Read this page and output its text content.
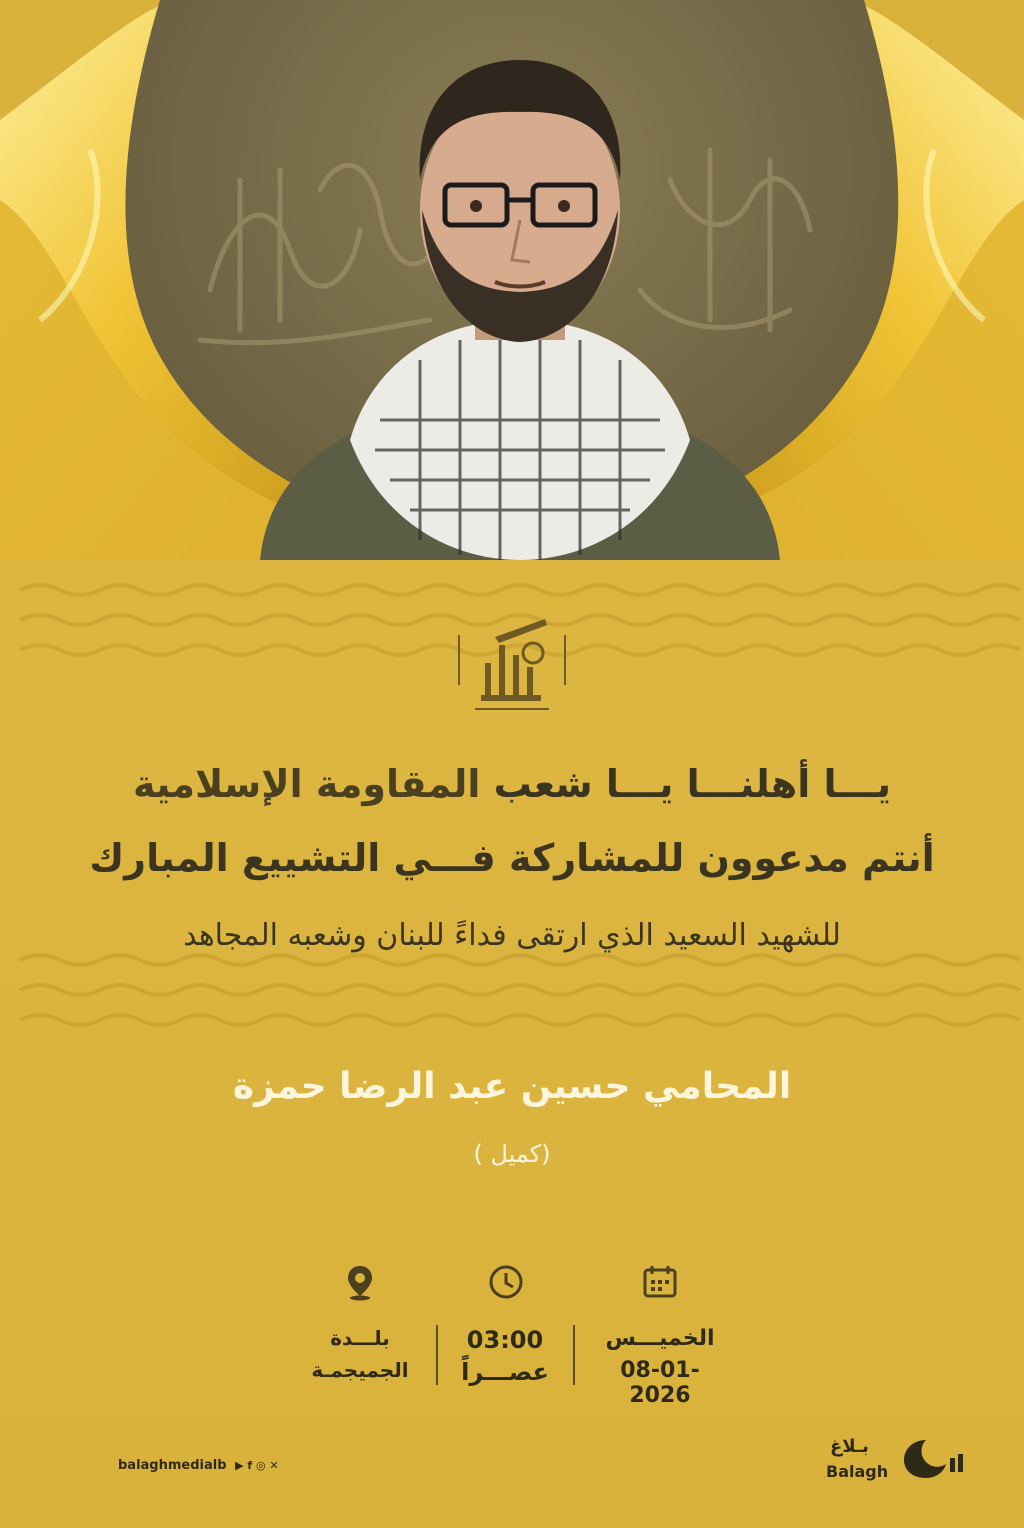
يـــا أهلنـــا يـــا شعب المقاومة الإسلامية
أنتم مدعوون للمشاركة فـــي التشييع المبارك
للشهيد السعيد الذي ارتقى فداءً للبنان وشعبه المجاهد
المحامي حسين عبد الرضا حمزة
(كميل )
الخميـــس
08-01-2026
03:00
عصـــراً
بلـــدة
الجميجمـة
balaghmedialb ▶ f ◎ ✕
بـلاغ
Balagh
